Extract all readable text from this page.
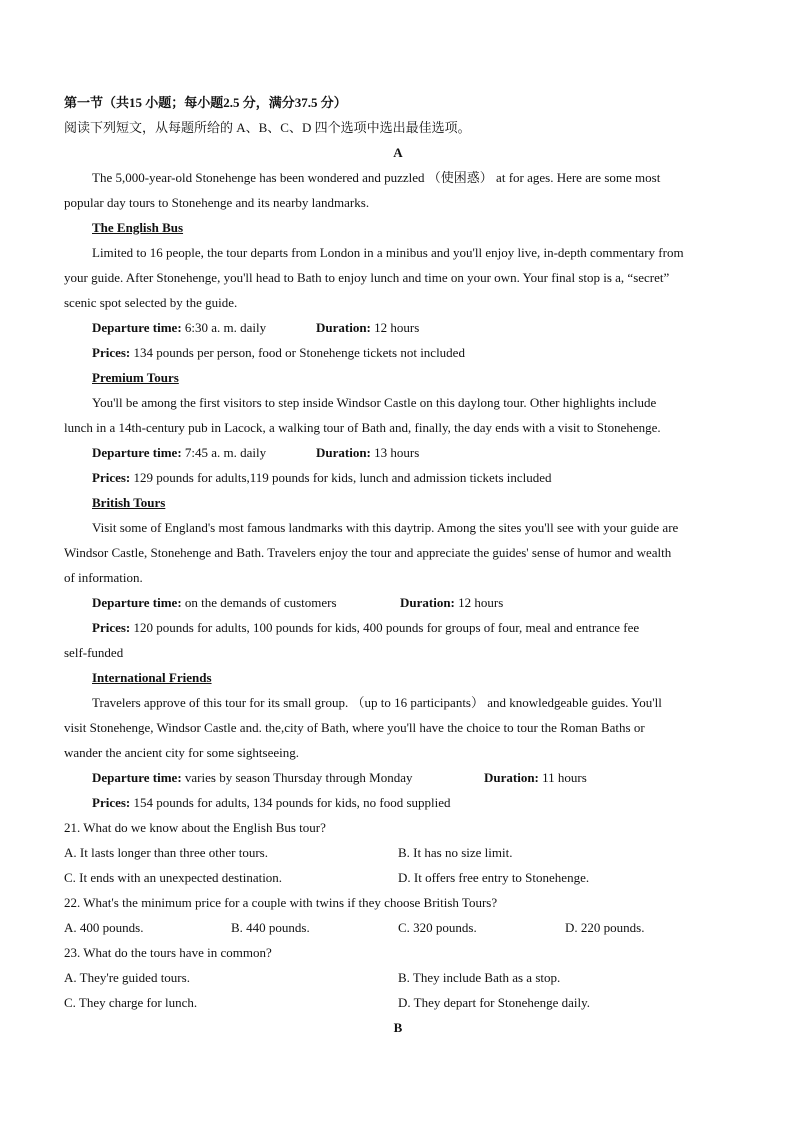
第一节（共15 小题；每小题2.5 分，满分37.5 分）
阅读下列短文，从每题所给的 A、B、C、D 四个选项中选出最佳选项。
A
The 5,000-year-old Stonehenge has been wondered and puzzled （使困惑） at for ages. Here are some most
popular day tours to Stonehenge and its nearby landmarks.
The English Bus
Limited to 16 people, the tour departs from London in a minibus and you'll enjoy live, in-depth commentary from
your guide. After Stonehenge, you'll head to Bath to enjoy lunch and time on your own. Your final stop is a, “secret”
scenic spot selected by the guide.
Departure time: 6:30 a. m. daily	Duration: 12 hours
Prices: 134 pounds per person, food or Stonehenge tickets not included
Premium Tours
You'll be among the first visitors to step inside Windsor Castle on this daylong tour. Other highlights include
lunch in a 14th-century pub in Lacock, a walking tour of Bath and, finally, the day ends with a visit to Stonehenge.
Departure time: 7:45 a. m. daily	Duration: 13 hours
Prices: 129 pounds for adults,119 pounds for kids, lunch and admission tickets included
British Tours
Visit some of England's most famous landmarks with this daytrip. Among the sites you'll see with your guide are
Windsor Castle, Stonehenge and Bath. Travelers enjoy the tour and appreciate the guides' sense of humor and wealth
of information.
Departure time: on the demands of customers	Duration: 12 hours
Prices: 120 pounds for adults, 100 pounds for kids, 400 pounds for groups of four, meal and entrance fee
self-funded
International Friends
Travelers approve of this tour for its small group. （up to 16 participants） and knowledgeable guides. You'll
visit Stonehenge, Windsor Castle and. the,city of Bath, where you'll have the choice to tour the Roman Baths or
wander the ancient city for some sightseeing.
Departure time: varies by season Thursday through Monday	Duration: 11 hours
Prices: 154 pounds for adults, 134 pounds for kids, no food supplied
21. What do we know about the English Bus tour?
A. It lasts longer than three other tours.	B. It has no size limit.
C. It ends with an unexpected destination.	D. It offers free entry to Stonehenge.
22. What's the minimum price for a couple with twins if they choose British Tours?
A. 400 pounds.	B. 440 pounds.	C. 320 pounds.	D. 220 pounds.
23. What do the tours have in common?
A. They're guided tours.	B. They include Bath as a stop.
C. They charge for lunch.	D. They depart for Stonehenge daily.
B
